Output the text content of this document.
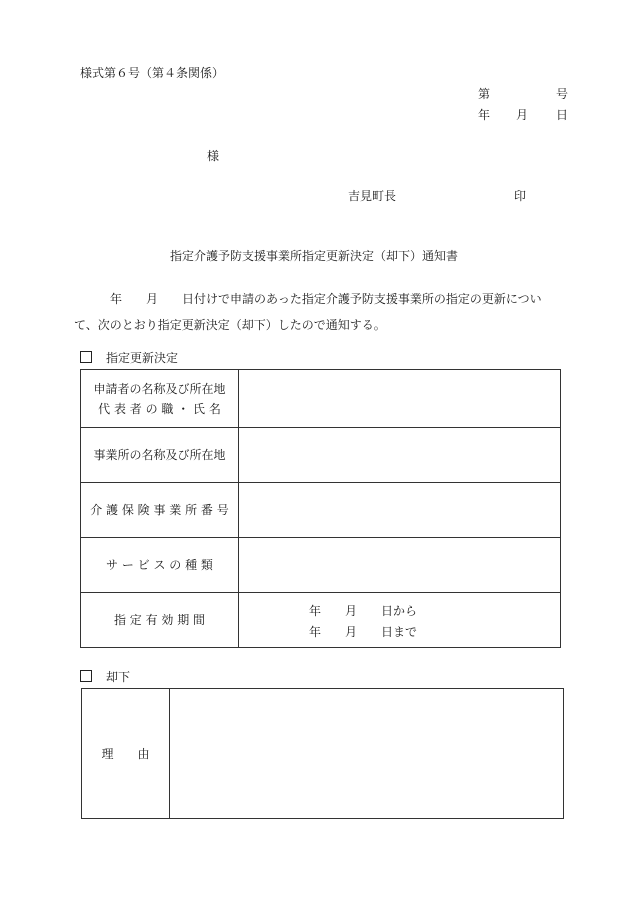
様式第６号（第４条関係）
第	号
年 月 日
様
吉見町長	印
指定介護予防支援事業所指定更新決定（却下）通知書
年 月 日付けで申請のあった指定介護予防支援事業所の指定の更新につい
て、次のとおり指定更新決定（却下）したので通知する。
指定更新決定
申請者の名称及び所在地
代 表 者 の 職 ・ 氏 名	

事業所の名称及び所在地	

介 護 保 険 事 業 所 番 号	

サ ー ビ ス の 種 類	

指 定 有 効 期 間	年 月 日から
年 月 日まで
却下
理　　由	
